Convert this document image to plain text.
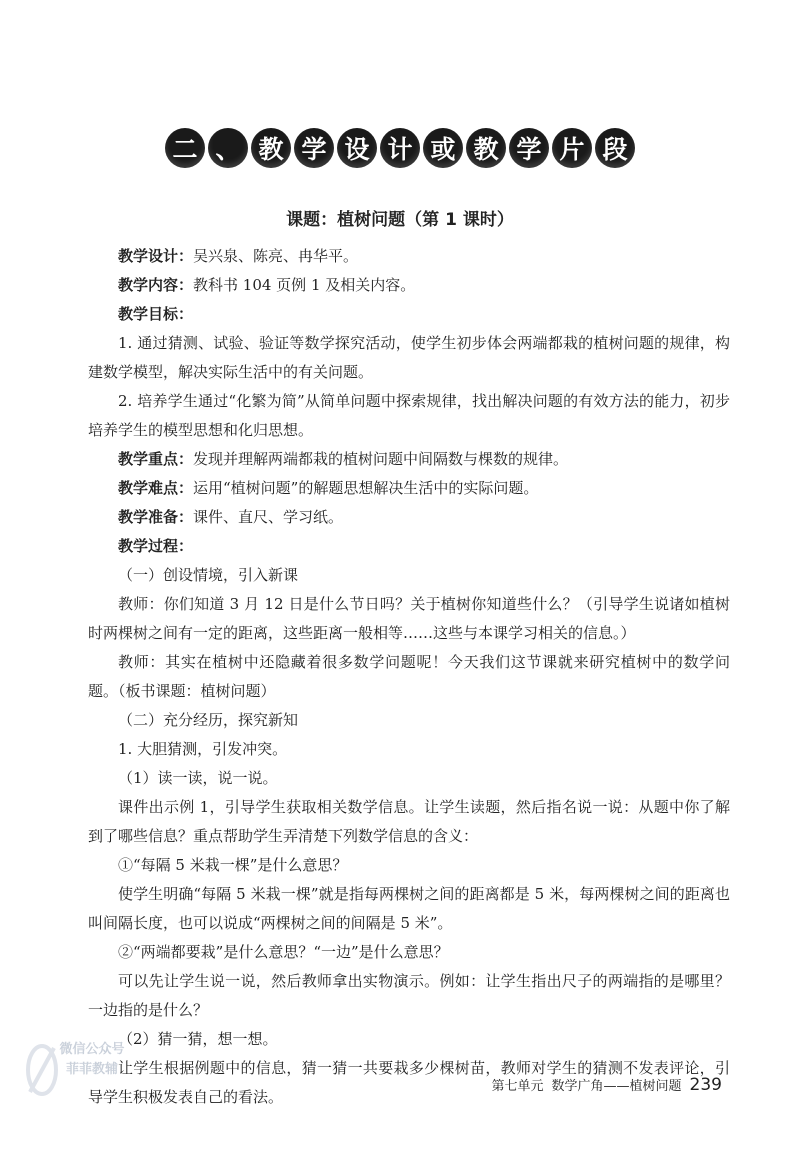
二 、 教 学 设 计 或 教 学 片 段
课题：植树问题（第 1 课时）

教学设计：吴兴泉、陈亮、冉华平。

教学内容：教科书 104 页例 1 及相关内容。

教学目标：

1. 通过猜测、试验、验证等数学探究活动，使学生初步体会两端都栽的植树问题的规律，构建数学模型，解决实际生活中的有关问题。

2. 培养学生通过“化繁为简”从简单问题中探索规律，找出解决问题的有效方法的能力，初步培养学生的模型思想和化归思想。

教学重点：发现并理解两端都栽的植树问题中间隔数与棵数的规律。

教学难点：运用“植树问题”的解题思想解决生活中的实际问题。

教学准备：课件、直尺、学习纸。

教学过程：

（一）创设情境，引入新课

教师：你们知道 3 月 12 日是什么节日吗？关于植树你知道些什么？（引导学生说诸如植树时两棵树之间有一定的距离，这些距离一般相等……这些与本课学习相关的信息。）

教师：其实在植树中还隐藏着很多数学问题呢！今天我们这节课就来研究植树中的数学问题。（板书课题：植树问题）

（二）充分经历，探究新知

1. 大胆猜测，引发冲突。

（1）读一读，说一说。

课件出示例 1，引导学生获取相关数学信息。让学生读题，然后指名说一说：从题中你了解到了哪些信息？重点帮助学生弄清楚下列数学信息的含义：

①“每隔 5 米栽一棵”是什么意思？

使学生明确“每隔 5 米栽一棵”就是指每两棵树之间的距离都是 5 米，每两棵树之间的距离也叫间隔长度，也可以说成“两棵树之间的间隔是 5 米”。

②“两端都要栽”是什么意思？“一边”是什么意思？

可以先让学生说一说，然后教师拿出实物演示。例如：让学生指出尺子的两端指的是哪里？一边指的是什么？

（2）猜一猜，想一想。

让学生根据例题中的信息，猜一猜一共要栽多少棵树苗，教师对学生的猜测不发表评论，引导学生积极发表自己的看法。

微信公众号
菲菲教辅
第七单元 数学广角——植树问题 239
